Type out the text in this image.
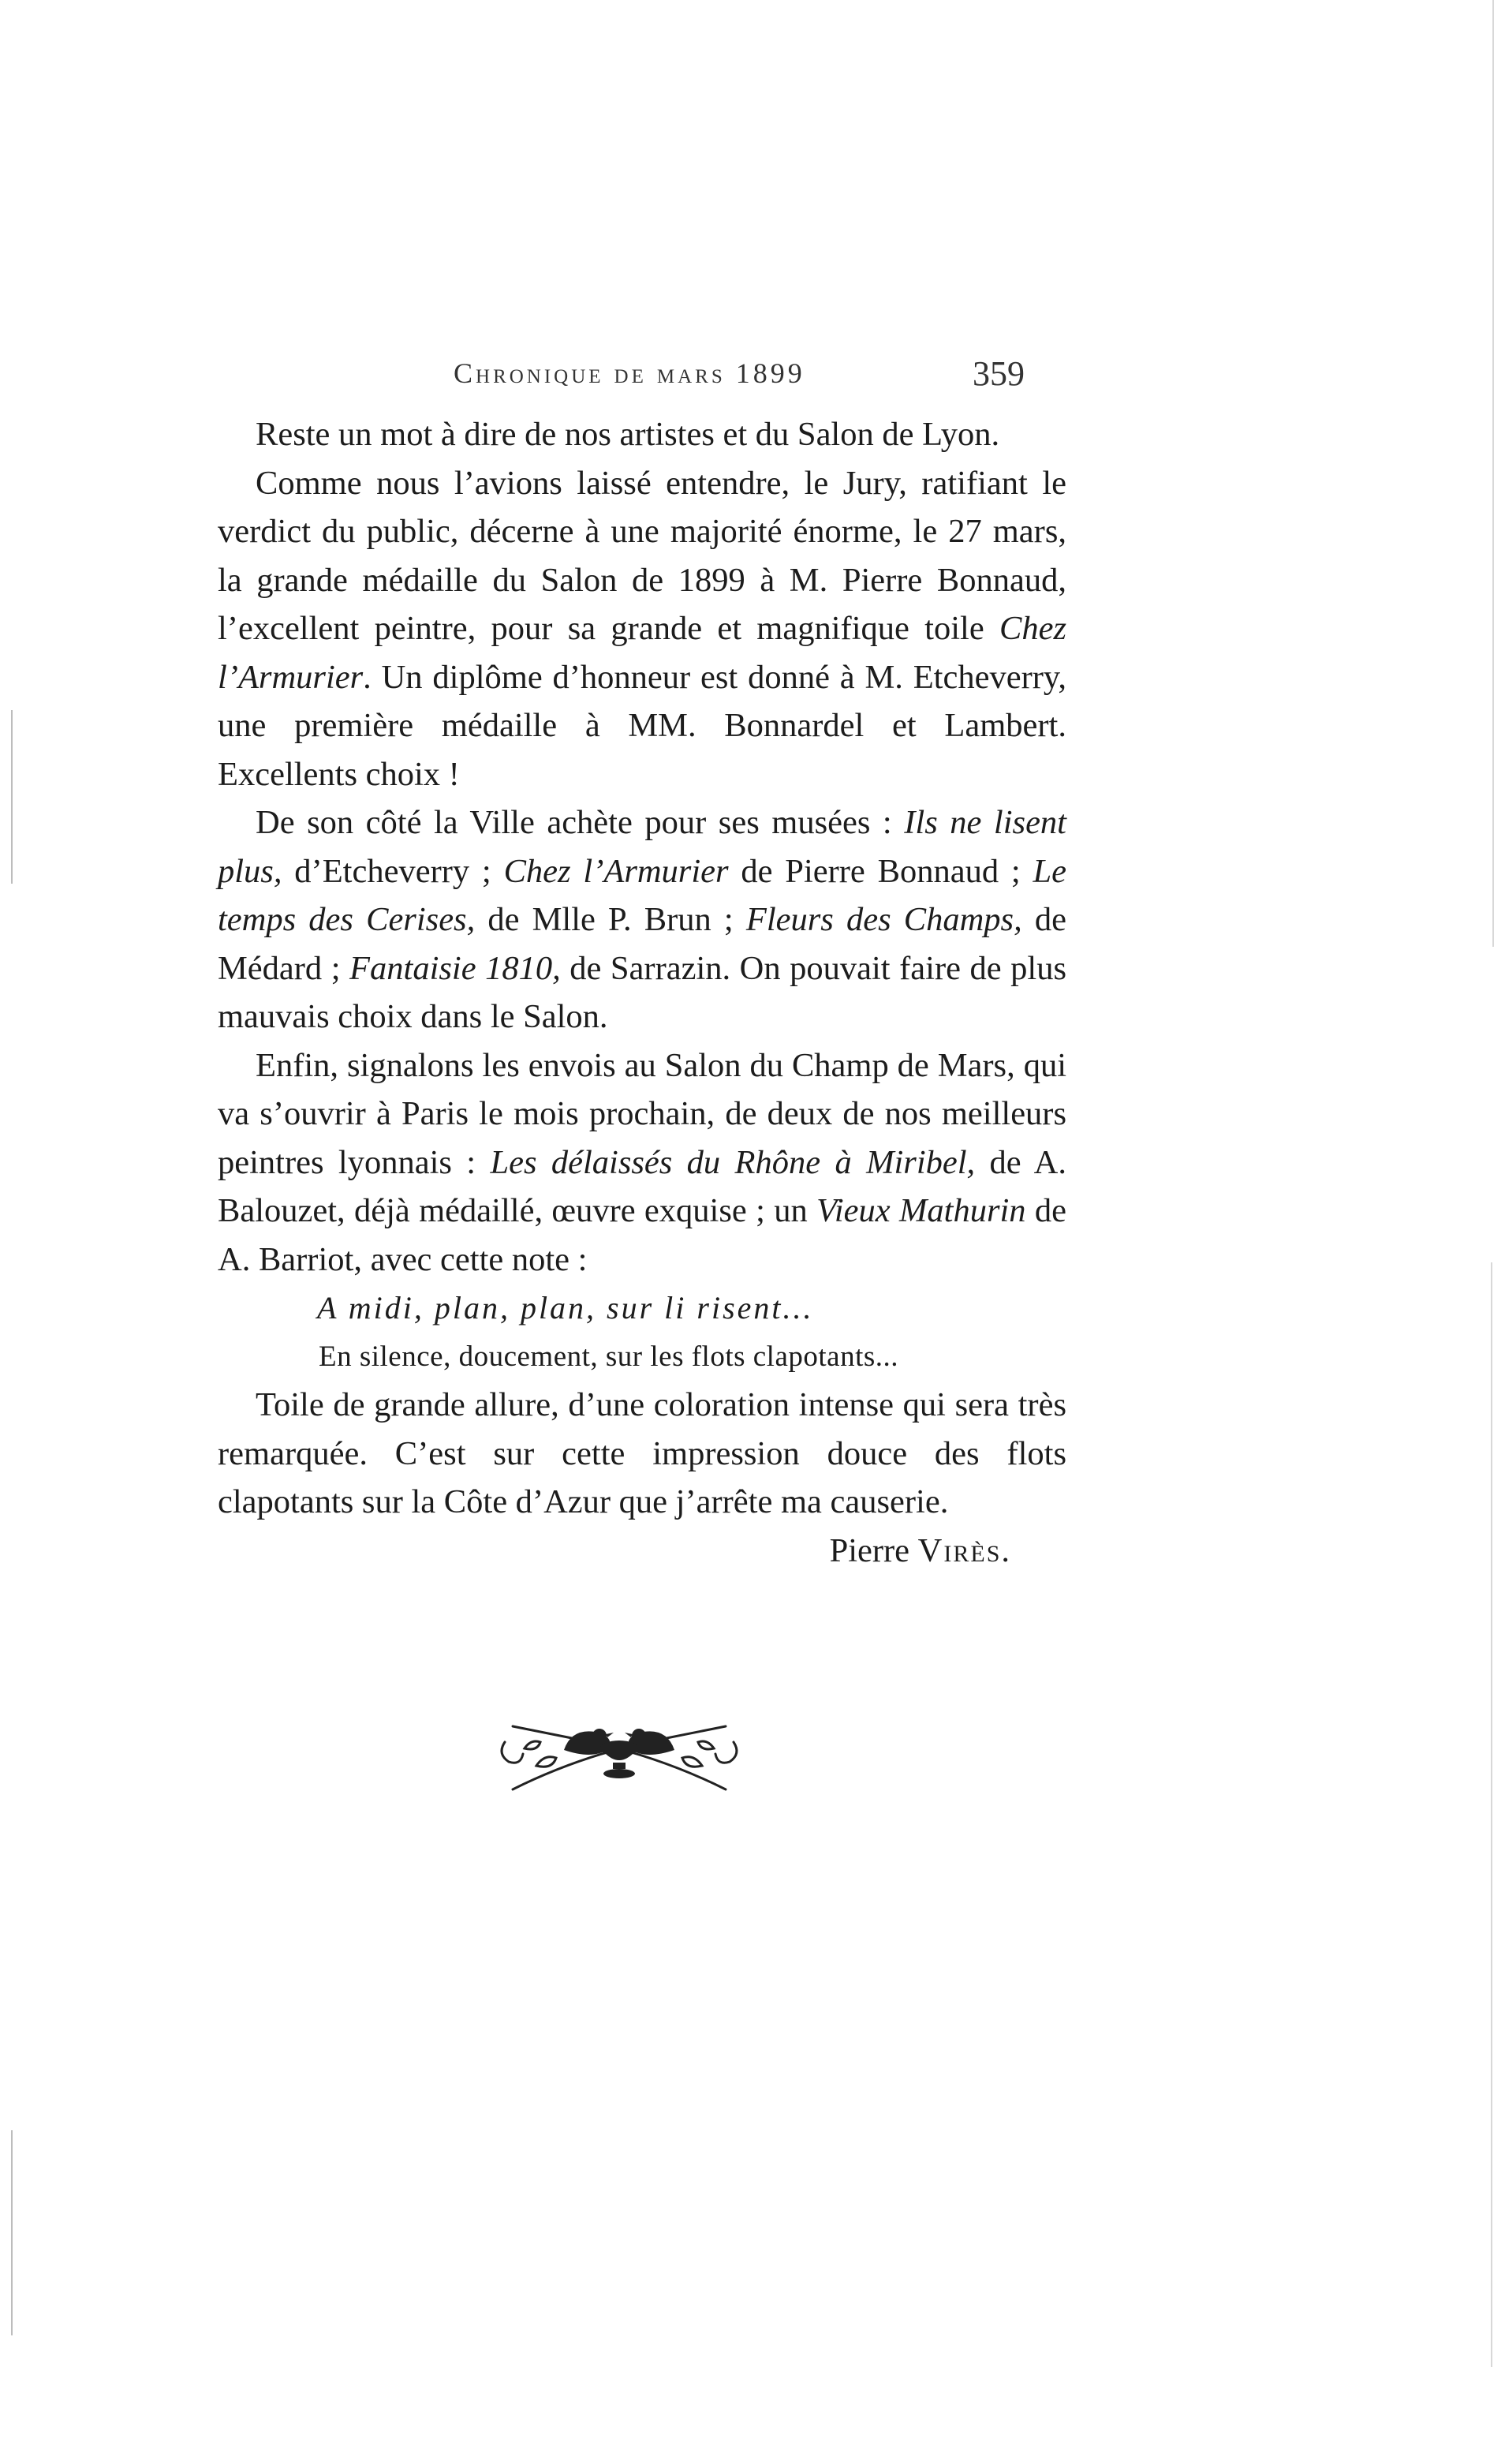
Chronique de mars 1899	359

Reste un mot à dire de nos artistes et du Salon de Lyon.

Comme nous l’avions laissé entendre, le Jury, ratifiant le verdict du public, décerne à une majorité énorme, le 27 mars, la grande médaille du Salon de 1899 à M. Pierre Bonnaud, l’excellent peintre, pour sa grande et magnifique toile Chez l’Armurier. Un diplôme d’honneur est donné à M. Etcheverry, une première médaille à MM. Bonnardel et Lambert. Excellents choix !

De son côté la Ville achète pour ses musées : Ils ne lisent plus, d’Etcheverry ; Chez l’Armurier de Pierre Bonnaud ; Le temps des Cerises, de Mlle P. Brun ; Fleurs des Champs, de Médard ; Fantaisie 1810, de Sarrazin. On pouvait faire de plus mauvais choix dans le Salon.

Enfin, signalons les envois au Salon du Champ de Mars, qui va s’ouvrir à Paris le mois prochain, de deux de nos meilleurs peintres lyonnais : Les délaissés du Rhône à Miribel, de A. Balouzet, déjà médaillé, œuvre exquise ; un Vieux Mathurin de A. Barriot, avec cette note :

A midi, plan, plan, sur li risent...

En silence, doucement, sur les flots clapotants...

Toile de grande allure, d’une coloration intense qui sera très remarquée. C’est sur cette impression douce des flots clapotants sur la Côte d’Azur que j’arrête ma causerie.

Pierre Virès.
